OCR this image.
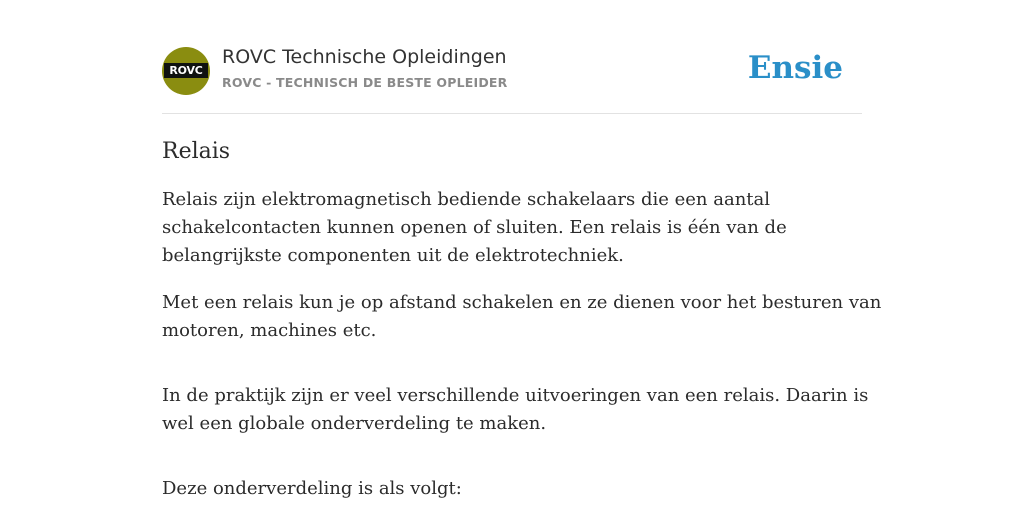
ROVC
ROVC Technische Opleidingen
ROVC - TECHNISCH DE BESTE OPLEIDER	Ensie
Relais

Relais zijn elektromagnetisch bediende schakelaars die een aantal schakelcontacten kunnen openen of sluiten. Een relais is één van de belangrijkste componenten uit de elektrotechniek.

Met een relais kun je op afstand schakelen en ze dienen voor het besturen van motoren, machines etc.

In de praktijk zijn er veel verschillende uitvoeringen van een relais. Daarin is wel een globale onderverdeling te maken.

Deze onderverdeling is als volgt:
